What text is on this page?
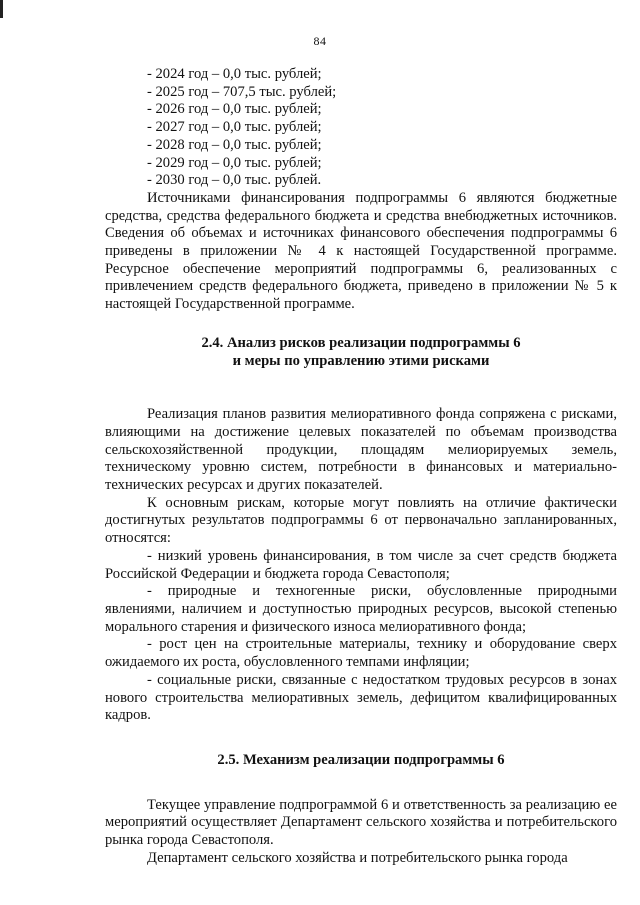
84

- 2024 год – 0,0 тыс. рублей;

- 2025 год – 707,5 тыс. рублей;

- 2026 год – 0,0 тыс. рублей;

- 2027 год – 0,0 тыс. рублей;

- 2028 год – 0,0 тыс. рублей;

- 2029 год – 0,0 тыс. рублей;

- 2030 год – 0,0 тыс. рублей.

Источниками финансирования подпрограммы 6 являются бюджетные средства, средства федерального бюджета и средства внебюджетных источников. Сведения об объемах и источниках финансового обеспечения подпрограммы 6 приведены в приложении № 4 к настоящей Государственной программе. Ресурсное обеспечение мероприятий подпрограммы 6, реализованных с привлечением средств федерального бюджета, приведено в приложении № 5 к настоящей Государственной программе.

2.4. Анализ рисков реализации подпрограммы 6
и меры по управлению этими рисками

Реализация планов развития мелиоративного фонда сопряжена с рисками, влияющими на достижение целевых показателей по объемам производства сельскохозяйственной продукции, площадям мелиорируемых земель, техническому уровню систем, потребности в финансовых и материально-технических ресурсах и других показателей.

К основным рискам, которые могут повлиять на отличие фактически достигнутых результатов подпрограммы 6 от первоначально запланированных, относятся:

- низкий уровень финансирования, в том числе за счет средств бюджета Российской Федерации и бюджета города Севастополя;

- природные и техногенные риски, обусловленные природными явлениями, наличием и доступностью природных ресурсов, высокой степенью морального старения и физического износа мелиоративного фонда;

- рост цен на строительные материалы, технику и оборудование сверх ожидаемого их роста, обусловленного темпами инфляции;

- социальные риски, связанные с недостатком трудовых ресурсов в зонах нового строительства мелиоративных земель, дефицитом квалифицированных кадров.

2.5. Механизм реализации подпрограммы 6

Текущее управление подпрограммой 6 и ответственность за реализацию ее мероприятий осуществляет Департамент сельского хозяйства и потребительского рынка города Севастополя.

Департамент сельского хозяйства и потребительского рынка города
